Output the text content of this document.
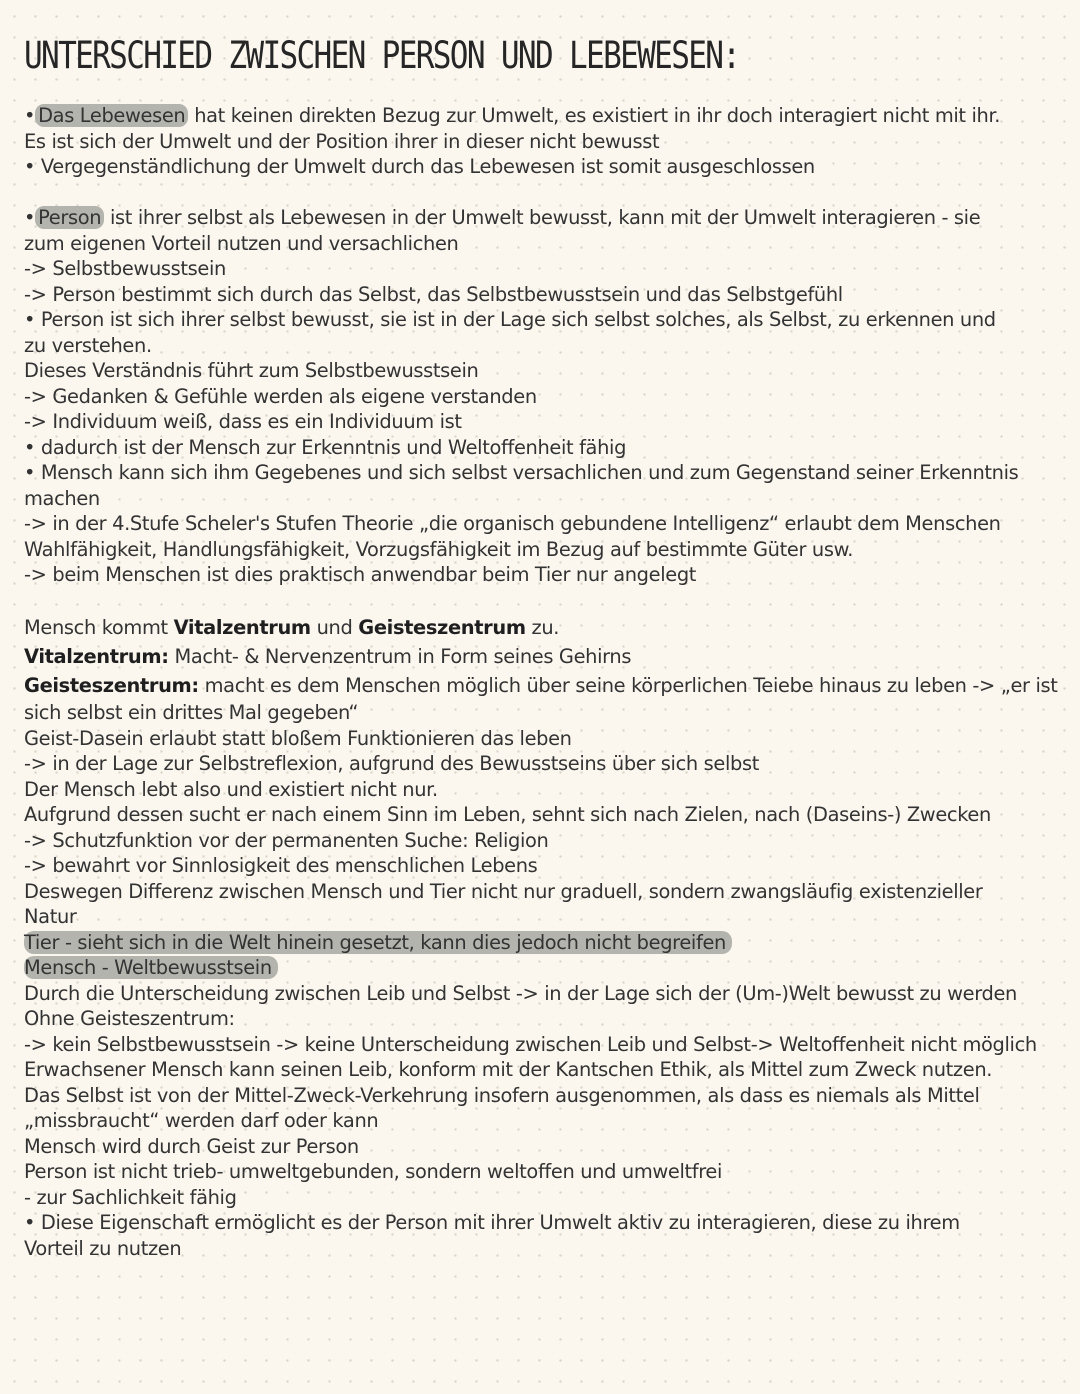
UNTERSCHIED ZWISCHEN PERSON UND LEBEWESEN:
• Das Lebewesen hat keinen direkten Bezug zur Umwelt, es existiert in ihr doch interagiert nicht mit ihr.
Es ist sich der Umwelt und der Position ihrer in dieser nicht bewusst
• Vergegenständlichung der Umwelt durch das Lebewesen ist somit ausgeschlossen
• Person ist ihrer selbst als Lebewesen in der Umwelt bewusst, kann mit der Umwelt interagieren - sie
zum eigenen Vorteil nutzen und versachlichen
-> Selbstbewusstsein
-> Person bestimmt sich durch das Selbst, das Selbstbewusstsein und das Selbstgefühl
• Person ist sich ihrer selbst bewusst, sie ist in der Lage sich selbst solches, als Selbst, zu erkennen und
zu verstehen.
Dieses Verständnis führt zum Selbstbewusstsein
-> Gedanken & Gefühle werden als eigene verstanden
-> Individuum weiß, dass es ein Individuum ist
• dadurch ist der Mensch zur Erkenntnis und Weltoffenheit fähig
• Mensch kann sich ihm Gegebenes und sich selbst versachlichen und zum Gegenstand seiner Erkenntnis
machen
-> in der 4.Stufe Scheler's Stufen Theorie „die organisch gebundene Intelligenz“ erlaubt dem Menschen
Wahlfähigkeit, Handlungsfähigkeit, Vorzugsfähigkeit im Bezug auf bestimmte Güter usw.
-> beim Menschen ist dies praktisch anwendbar beim Tier nur angelegt
Mensch kommt Vitalzentrum und Geisteszentrum zu.
Vitalzentrum: Macht- & Nervenzentrum in Form seines Gehirns
Geisteszentrum: macht es dem Menschen möglich über seine körperlichen Teiebe hinaus zu leben -> „er ist
sich selbst ein drittes Mal gegeben“
Geist-Dasein erlaubt statt bloßem Funktionieren das leben
-> in der Lage zur Selbstreflexion, aufgrund des Bewusstseins über sich selbst
Der Mensch lebt also und existiert nicht nur.
Aufgrund dessen sucht er nach einem Sinn im Leben, sehnt sich nach Zielen, nach (Daseins-) Zwecken
-> Schutzfunktion vor der permanenten Suche: Religion
-> bewahrt vor Sinnlosigkeit des menschlichen Lebens
Deswegen Differenz zwischen Mensch und Tier nicht nur graduell, sondern zwangsläufig existenzieller
Natur
Tier - sieht sich in die Welt hinein gesetzt, kann dies jedoch nicht begreifen
Mensch - Weltbewusstsein
Durch die Unterscheidung zwischen Leib und Selbst -> in der Lage sich der (Um-)Welt bewusst zu werden
Ohne Geisteszentrum:
-> kein Selbstbewusstsein -> keine Unterscheidung zwischen Leib und Selbst-> Weltoffenheit nicht möglich
Erwachsener Mensch kann seinen Leib, konform mit der Kantschen Ethik, als Mittel zum Zweck nutzen.
Das Selbst ist von der Mittel-Zweck-Verkehrung insofern ausgenommen, als dass es niemals als Mittel
„missbraucht“ werden darf oder kann
Mensch wird durch Geist zur Person
Person ist nicht trieb- umweltgebunden, sondern weltoffen und umweltfrei
- zur Sachlichkeit fähig
• Diese Eigenschaft ermöglicht es der Person mit ihrer Umwelt aktiv zu interagieren, diese zu ihrem
Vorteil zu nutzen
